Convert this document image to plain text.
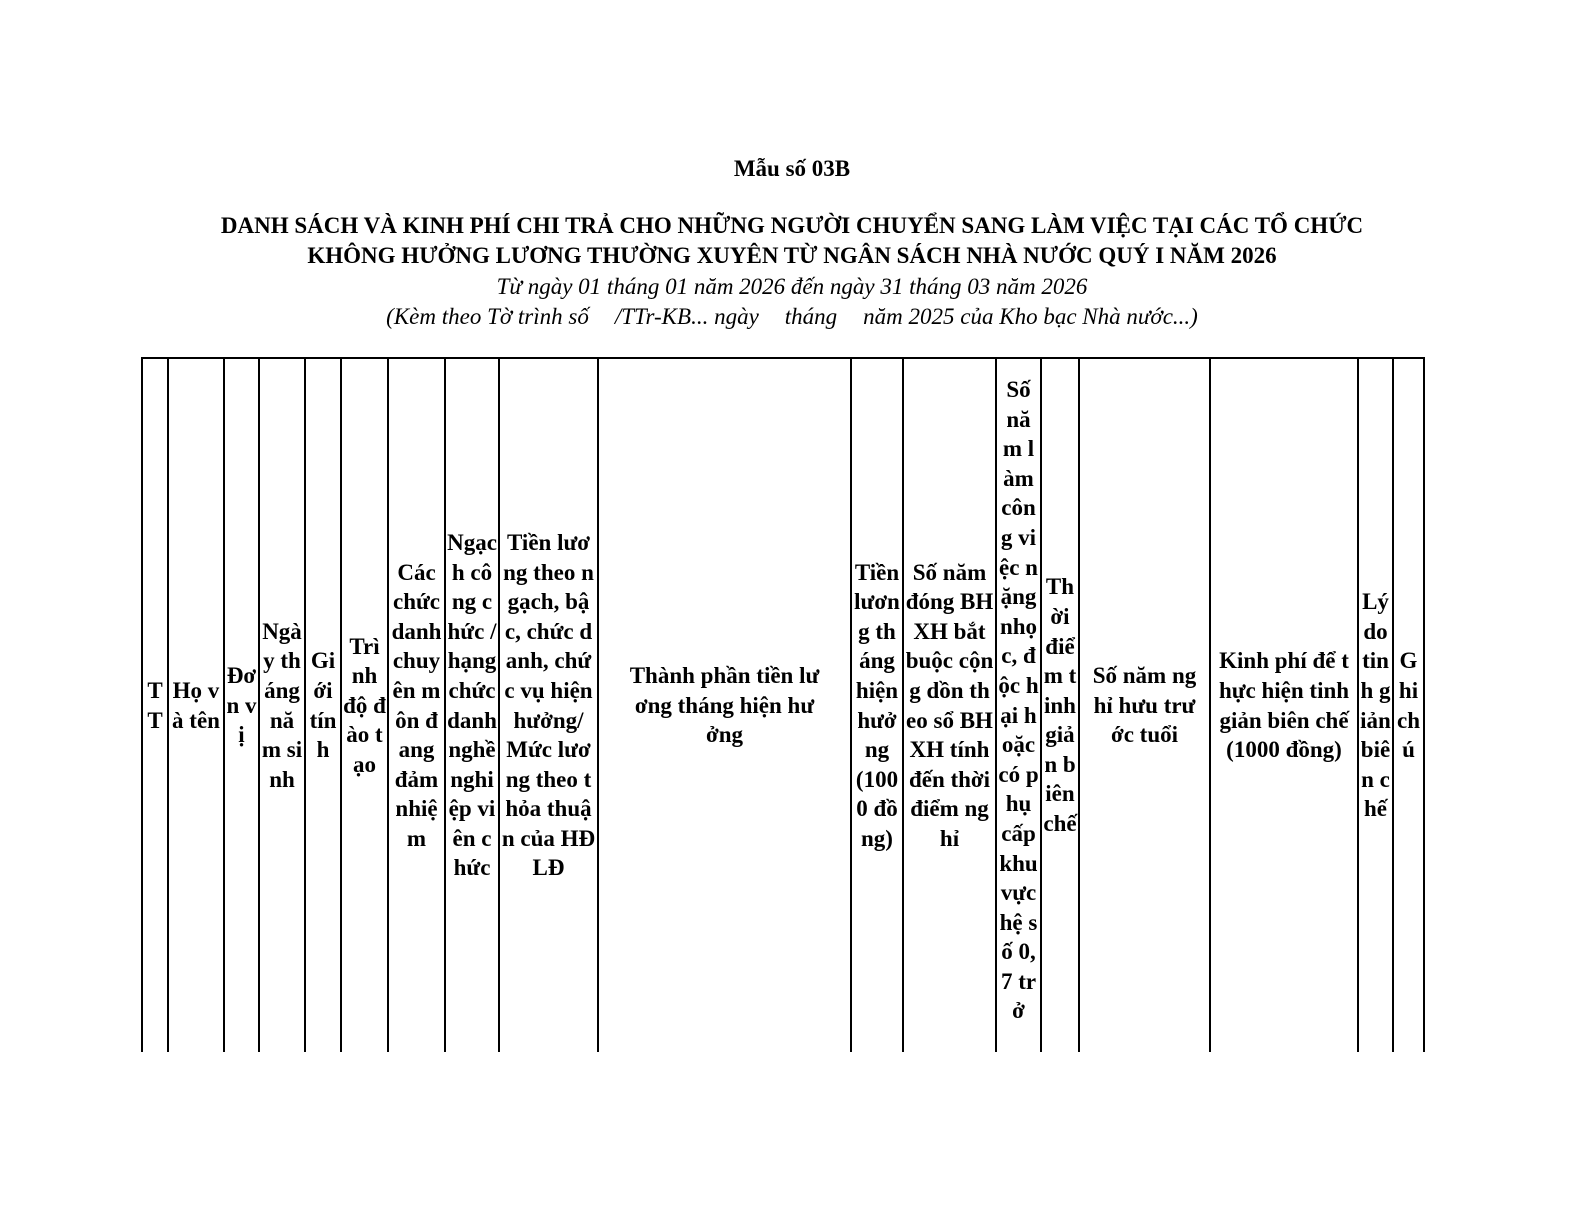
Mẫu số 03B
DANH SÁCH VÀ KINH PHÍ CHI TRẢ CHO NHỮNG NGƯỜI CHUYỂN SANG LÀM VIỆC TẠI CÁC TỔ CHỨC
KHÔNG HƯỞNG LƯƠNG THƯỜNG XUYÊN TỪ NGÂN SÁCH NHÀ NƯỚC QUÝ I NĂM 2026
Từ ngày 01 tháng 01 năm 2026 đến ngày 31 tháng 03 năm 2026
(Kèm theo Tờ trình số /TTr-KB... ngày tháng năm 2025 của Kho bạc Nhà nước...)
TT
Họ và tên
Đơn vị
Ngày tháng năm sinh
Giới tính
Trình độ đào tạo
Các chức danh chuyên môn đang đảm nhiệm
Ngạch công chức / hạng chức danh nghề nghiệp viên chức
Tiền lương theo ngạch, bậc, chức danh, chức vụ hiện hưởng/ Mức lương theo thỏa thuận của HĐLĐ
Thành phần tiền lương tháng hiện hưởng
Tiền lương tháng hiện hưởng (1000 đồng)
Số năm đóng BHXH bắt buộc cộng dồn theo sổ BHXH tính đến thời điểm nghỉ
Số năm làm công việc nặng nhọc, độc hại hoặc có phụ cấp khu vực hệ số 0,7 trở
Thời điểm tinh giản biên chế
Số năm nghỉ hưu trước tuổi
Kinh phí để thực hiện tinh giản biên chế (1000 đồng)
Lý do tinh giản biên chế
Ghi chú
